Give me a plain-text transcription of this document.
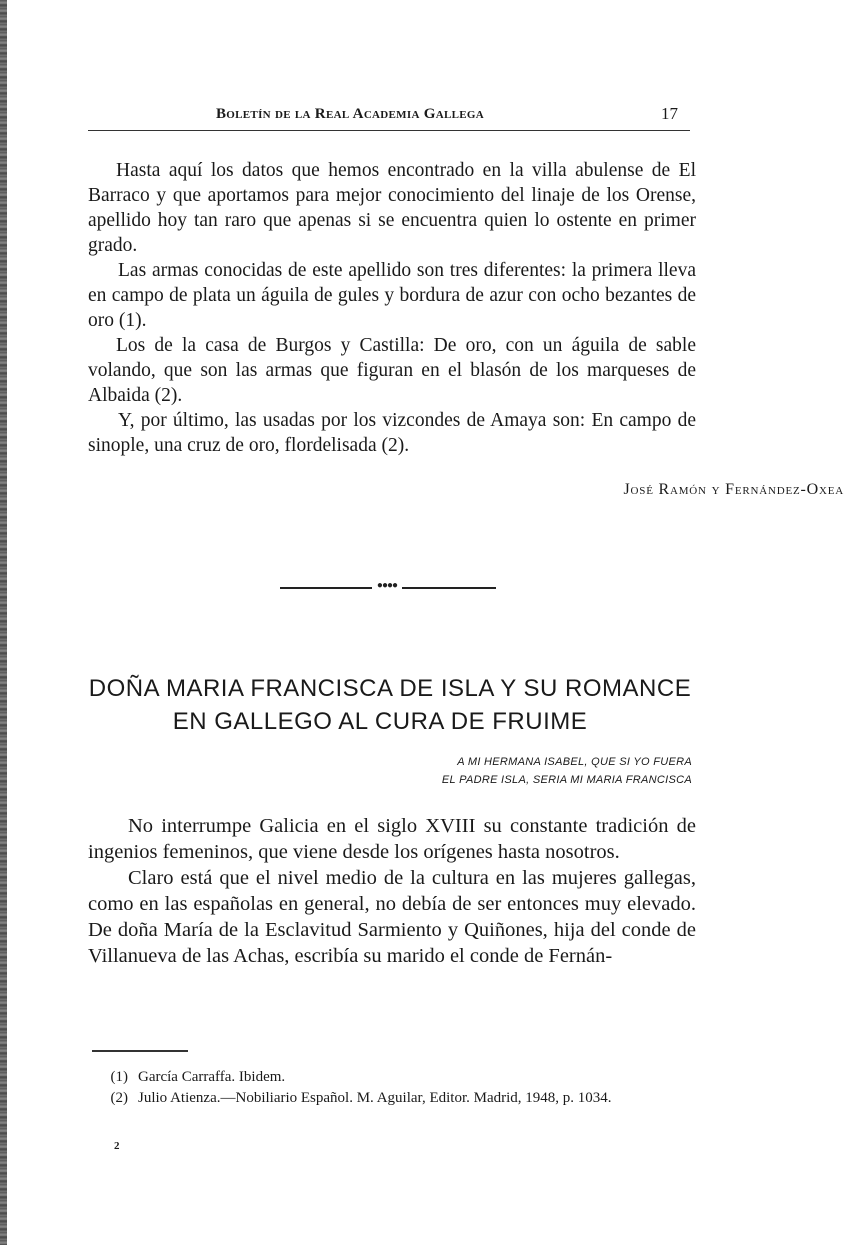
Boletín de la Real Academia Gallega	17

Hasta aquí los datos que hemos encontrado en la villa abulense de El Barraco y que aportamos para mejor conocimiento del linaje de los Orense, apellido hoy tan raro que apenas si se encuentra quien lo ostente en primer grado.

Las armas conocidas de este apellido son tres diferentes: la primera lleva en campo de plata un águila de gules y bordura de azur con ocho bezantes de oro (1).

Los de la casa de Burgos y Castilla: De oro, con un águila de sable volando, que son las armas que figuran en el blasón de los marqueses de Albaida (2).

Y, por último, las usadas por los vizcondes de Amaya son: En campo de sinople, una cruz de oro, flordelisada (2).

José Ramón y Fernández-Oxea
●●●●
DOÑA MARIA FRANCISCA DE ISLA Y SU ROMANCE
EN GALLEGO AL CURA DE FRUIME
A MI HERMANA ISABEL, QUE SI YO FUERA
EL PADRE ISLA, SERIA MI MARIA FRANCISCA

No interrumpe Galicia en el siglo XVIII su constante tradición de ingenios femeninos, que viene desde los orígenes hasta nosotros.

Claro está que el nivel medio de la cultura en las mujeres gallegas, como en las españolas en general, no debía de ser entonces muy elevado. De doña María de la Esclavitud Sarmiento y Quiñones, hija del conde de Villanueva de las Achas, escribía su marido el conde de Fernán-

(1) García Carraffa. Ibidem.
(2) Julio Atienza.—Nobiliario Español. M. Aguilar, Editor. Madrid, 1948, p. 1034.
2
